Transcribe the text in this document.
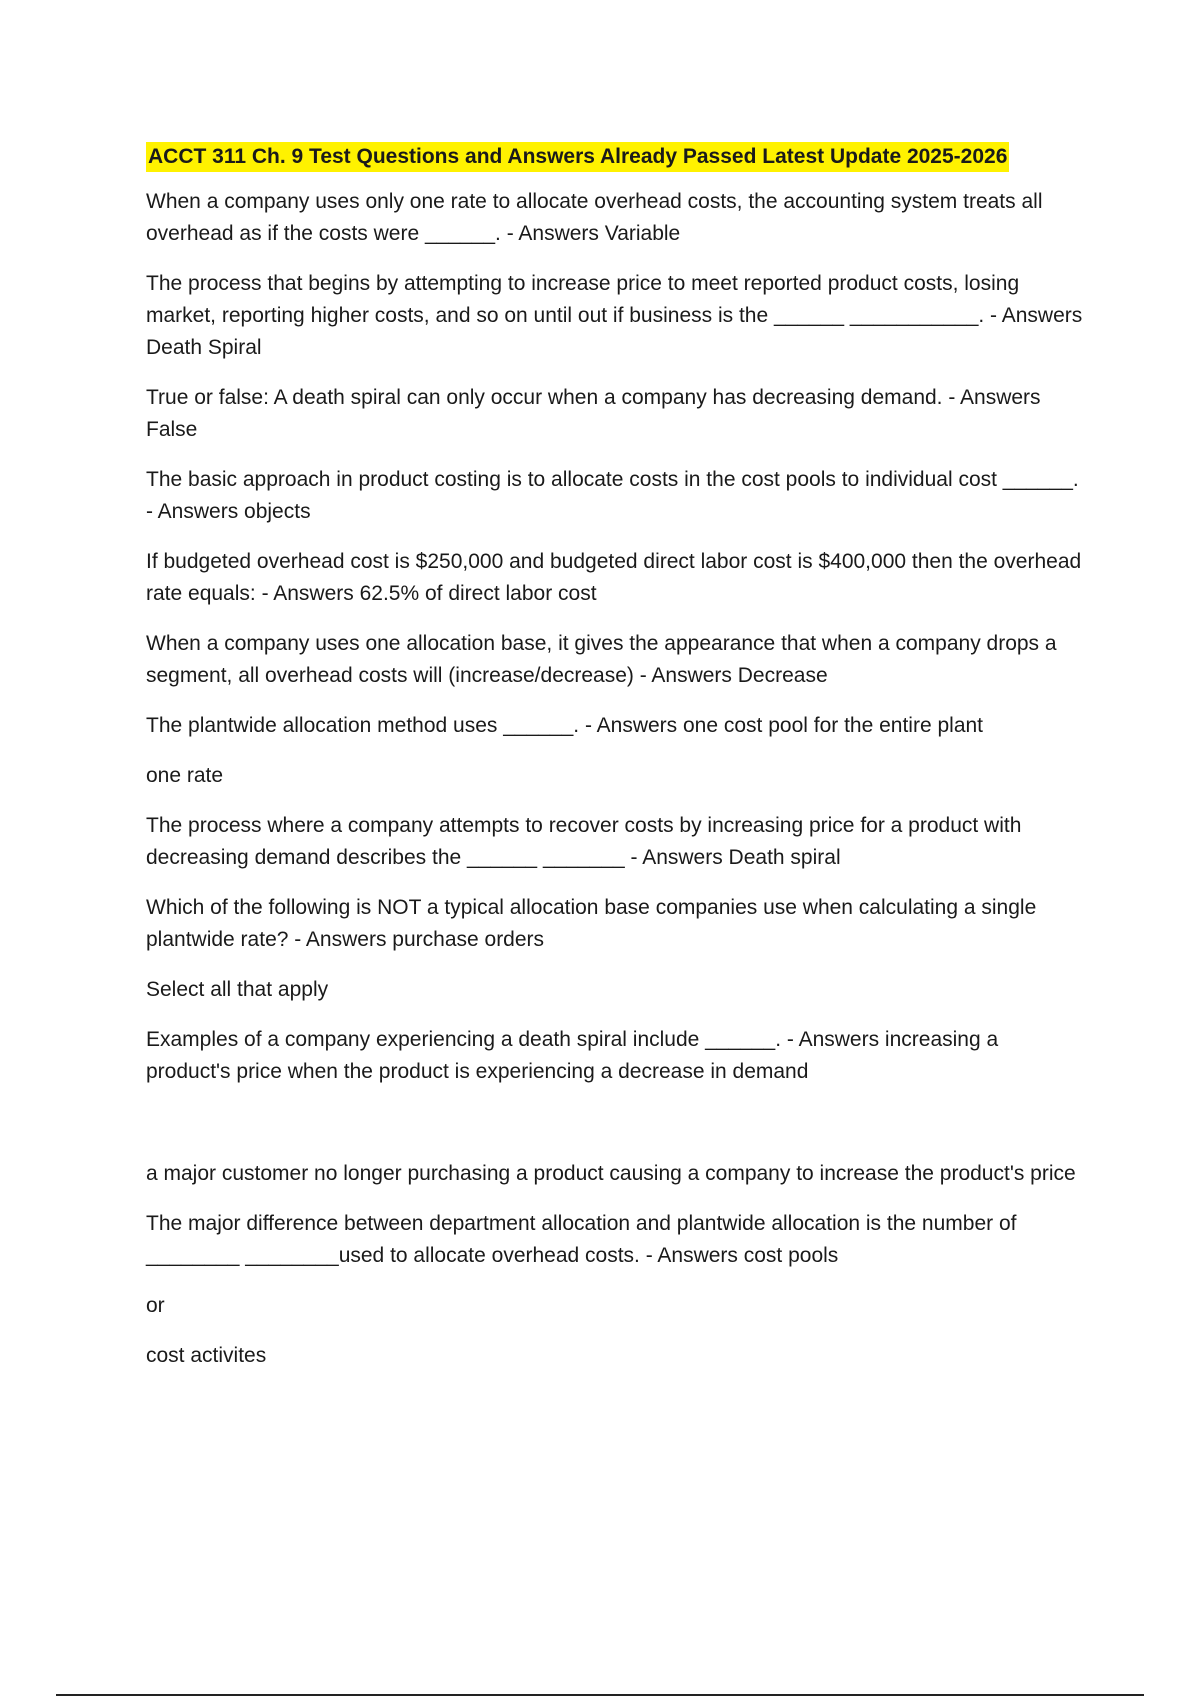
ACCT 311 Ch. 9 Test Questions and Answers Already Passed Latest Update 2025-2026

When a company uses only one rate to allocate overhead costs, the accounting system treats all overhead as if the costs were ______. - Answers Variable

The process that begins by attempting to increase price to meet reported product costs, losing market, reporting higher costs, and so on until out if business is the ______ ___________. - Answers Death Spiral

True or false: A death spiral can only occur when a company has decreasing demand. - Answers False

The basic approach in product costing is to allocate costs in the cost pools to individual cost ______. - Answers objects

If budgeted overhead cost is $250,000 and budgeted direct labor cost is $400,000 then the overhead rate equals: - Answers 62.5% of direct labor cost

When a company uses one allocation base, it gives the appearance that when a company drops a segment, all overhead costs will (increase/decrease) - Answers Decrease

The plantwide allocation method uses ______. - Answers one cost pool for the entire plant

one rate

The process where a company attempts to recover costs by increasing price for a product with decreasing demand describes the ______ _______ - Answers Death spiral

Which of the following is NOT a typical allocation base companies use when calculating a single plantwide rate? - Answers purchase orders

Select all that apply

Examples of a company experiencing a death spiral include ______. - Answers increasing a product's price when the product is experiencing a decrease in demand

a major customer no longer purchasing a product causing a company to increase the product's price

The major difference between department allocation and plantwide allocation is the number of ________ ________used to allocate overhead costs. - Answers cost pools

or

cost activites
